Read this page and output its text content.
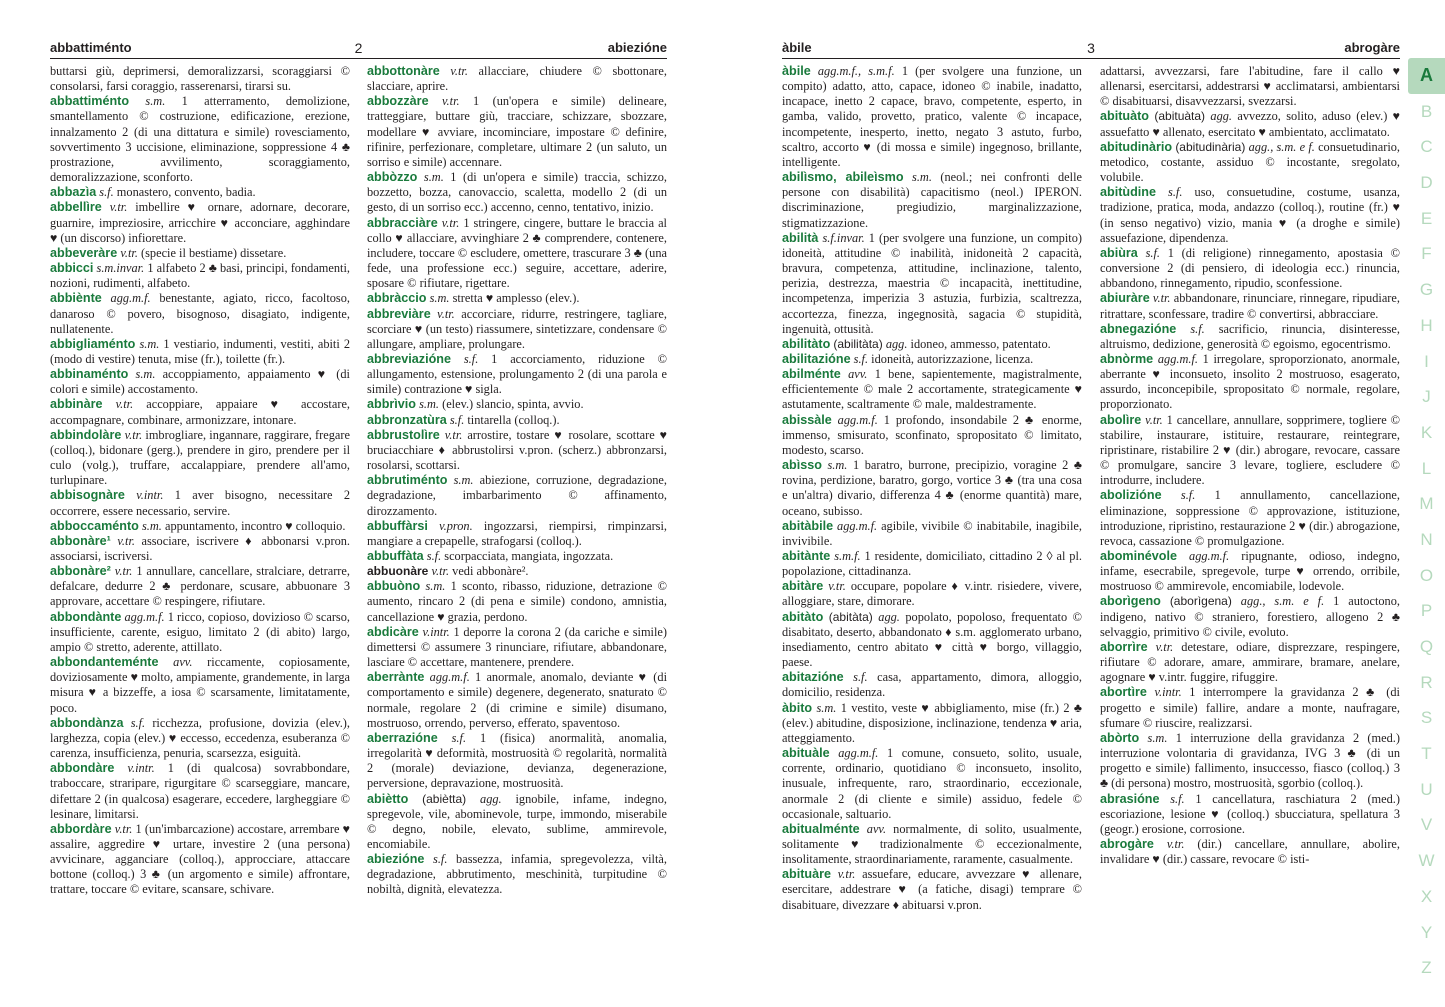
2
abbattiménto	abiezióne
buttarsi giù, deprimersi, demoralizzarsi, scoraggiarsi © consolarsi, farsi coraggio, rasserenarsi, tirarsi su.
abbattiménto s.m. 1 atterramento, demolizione, smantellamento © costruzione, edificazione, erezione, innalzamento 2 (di una dittatura e simile) rovesciamento, sovvertimento 3 uccisione, eliminazione, soppressione 4 ♣ prostrazione, avvilimento, scoraggiamento, demoralizzazione, sconforto.
abbazìa s.f. monastero, convento, badia.
abbellìre v.tr. imbellire ♥ ornare, adornare, decorare, guarnire, impreziosire, arricchire ♥ acconciare, agghindare ♥ (un discorso) infiorettare.
abbeveràre v.tr. (specie il bestiame) dissetare.
abbicci s.m.invar. 1 alfabeto 2 ♣ basi, principi, fondamenti, nozioni, rudimenti, alfabeto.
abbiènte agg.m.f. benestante, agiato, ricco, facoltoso, danaroso © povero, bisognoso, disagiato, indigente, nullatenente.
abbigliaménto s.m. 1 vestiario, indumenti, vestiti, abiti 2 (modo di vestire) tenuta, mise (fr.), toilette (fr.).
abbinaménto s.m. accoppiamento, appaiamento ♥ (di colori e simile) accostamento.
abbinàre v.tr. accoppiare, appaiare ♥ accostare, accompagnare, combinare, armonizzare, intonare.
abbindolàre v.tr. imbrogliare, ingannare, raggirare, fregare (colloq.), bidonare (gerg.), prendere in giro, prendere per il culo (volg.), truffare, accalappiare, prendere all'amo, turlupinare.
abbisognàre v.intr. 1 aver bisogno, necessitare 2 occorrere, essere necessario, servire.
abboccaménto s.m. appuntamento, incontro ♥ colloquio.
abbonàre¹ v.tr. associare, iscrivere ♦ abbonarsi v.pron. associarsi, iscriversi.
abbonàre² v.tr. 1 annullare, cancellare, stralciare, detrarre, defalcare, dedurre 2 ♣ perdonare, scusare, abbuonare 3 approvare, accettare © respingere, rifiutare.
abbondànte agg.m.f. 1 ricco, copioso, dovizioso © scarso, insufficiente, carente, esiguo, limitato 2 (di abito) largo, ampio © stretto, aderente, attillato.
abbondanteménte avv. riccamente, copiosamente, doviziosamente ♥ molto, ampiamente, grandemente, in larga misura ♥ a bizzeffe, a iosa © scarsamente, limitatamente, poco.
abbondànza s.f. ricchezza, profusione, dovizia (elev.), larghezza, copia (elev.) ♥ eccesso, eccedenza, esuberanza © carenza, insufficienza, penuria, scarsezza, esiguità.
abbondàre v.intr. 1 (di qualcosa) sovrabbondare, traboccare, straripare, rigurgitare © scarseggiare, mancare, difettare 2 (in qualcosa) esagerare, eccedere, largheggiare © lesinare, limitarsi.
abbordàre v.tr. 1 (un'imbarcazione) accostare, arrembare ♥ assalire, aggredire ♥ urtare, investire 2 (una persona) avvicinare, agganciare (colloq.), approcciare, attaccare bottone (colloq.) 3 ♣ (un argomento e simile) affrontare, trattare, toccare © evitare, scansare, schivare.
abbottonàre v.tr. allacciare, chiudere © sbottonare, slacciare, aprire.
abbozzàre v.tr. 1 (un'opera e simile) delineare, tratteggiare, buttare giù, tracciare, schizzare, sbozzare, modellare ♥ avviare, incominciare, impostare © definire, rifinire, perfezionare, completare, ultimare 2 (un saluto, un sorriso e simile) accennare.
abbòzzo s.m. 1 (di un'opera e simile) traccia, schizzo, bozzetto, bozza, canovaccio, scaletta, modello 2 (di un gesto, di un sorriso ecc.) accenno, cenno, tentativo, inizio.
abbracciàre v.tr. 1 stringere, cingere, buttare le braccia al collo ♥ allacciare, avvinghiare 2 ♣ comprendere, contenere, includere, toccare © escludere, omettere, trascurare 3 ♣ (una fede, una professione ecc.) seguire, accettare, aderire, sposare © rifiutare, rigettare.
abbràccio s.m. stretta ♥ amplesso (elev.).
abbreviàre v.tr. accorciare, ridurre, restringere, tagliare, scorciare ♥ (un testo) riassumere, sintetizzare, condensare © allungare, ampliare, prolungare.
abbreviazióne s.f. 1 accorciamento, riduzione © allungamento, estensione, prolungamento 2 (di una parola e simile) contrazione ♥ sigla.
abbrìvio s.m. (elev.) slancio, spinta, avvio.
abbronzatùra s.f. tintarella (colloq.).
abbrustolìre v.tr. arrostire, tostare ♥ rosolare, scottare ♥ bruciacchiare ♦ abbrustolirsi v.pron. (scherz.) abbronzarsi, rosolarsi, scottarsi.
abbrutiménto s.m. abiezione, corruzione, degradazione, degradazione, imbarbarimento © affinamento, dirozzamento.
abbuffàrsi v.pron. ingozzarsi, riempirsi, rimpinzarsi, mangiare a crepapelle, strafogarsi (colloq.).
abbuffàta s.f. scorpacciata, mangiata, ingozzata.
abbuonàre v.tr. vedi abbonàre².
abbuòno s.m. 1 sconto, ribasso, riduzione, detrazione © aumento, rincaro 2 (di pena e simile) condono, amnistia, cancellazione ♥ grazia, perdono.
abdicàre v.intr. 1 deporre la corona 2 (da cariche e simile) dimettersi © assumere 3 rinunciare, rifiutare, abbandonare, lasciare © accettare, mantenere, prendere.
aberrànte agg.m.f. 1 anormale, anomalo, deviante ♥ (di comportamento e simile) degenere, degenerato, snaturato © normale, regolare 2 (di crimine e simile) disumano, mostruoso, orrendo, perverso, efferato, spaventoso.
aberrazióne s.f. 1 (fisica) anormalità, anomalia, irregolarità ♥ deformità, mostruosità © regolarità, normalità 2 (morale) deviazione, devianza, degenerazione, perversione, depravazione, mostruosità.
abiètto (abiètta) agg. ignobile, infame, indegno, spregevole, vile, abominevole, turpe, immondo, miserabile © degno, nobile, elevato, sublime, ammirevole, encomiabile.
abiezióne s.f. bassezza, infamia, spregevolezza, viltà, degradazione, abbrutimento, meschinità, turpitudine © nobiltà, dignità, elevatezza.
3
àbile	abrogàre
àbile agg.m.f., s.m.f. 1 (per svolgere una funzione, un compito) adatto, atto, capace, idoneo © inabile, inadatto, incapace, inetto 2 capace, bravo, competente, esperto, in gamba, valido, provetto, pratico, valente © incapace, incompetente, inesperto, inetto, negato 3 astuto, furbo, scaltro, accorto ♥ (di mossa e simile) ingegnoso, brillante, intelligente.
abilìsmo, abileìsmo s.m. (neol.; nei confronti delle persone con disabilità) capacitismo (neol.) IPERON. discriminazione, pregiudizio, marginalizzazione, stigmatizzazione.
abilità s.f.invar. 1 (per svolgere una funzione, un compito) idoneità, attitudine © inabilità, inidoneità 2 capacità, bravura, competenza, attitudine, inclinazione, talento, perizia, destrezza, maestria © incapacità, inettitudine, incompetenza, imperizia 3 astuzia, furbizia, scaltrezza, accortezza, finezza, ingegnosità, sagacia © stupidità, ingenuità, ottusità.
abilitàto (abilitàta) agg. idoneo, ammesso, patentato.
abilitazióne s.f. idoneità, autorizzazione, licenza.
abilménte avv. 1 bene, sapientemente, magistralmente, efficientemente © male 2 accortamente, strategicamente ♥ astutamente, scaltramente © male, maldestramente.
abissàle agg.m.f. 1 profondo, insondabile 2 ♣ enorme, immenso, smisurato, sconfinato, spropositato © limitato, modesto, scarso.
abìsso s.m. 1 baratro, burrone, precipizio, voragine 2 ♣ rovina, perdizione, baratro, gorgo, vortice 3 ♣ (tra una cosa e un'altra) divario, differenza 4 ♣ (enorme quantità) mare, oceano, subisso.
abitàbile agg.m.f. agibile, vivibile © inabitabile, inagibile, invivibile.
abitànte s.m.f. 1 residente, domiciliato, cittadino 2 ◊ al pl. popolazione, cittadinanza.
abitàre v.tr. occupare, popolare ♦ v.intr. risiedere, vivere, alloggiare, stare, dimorare.
abitàto (abitàta) agg. popolato, popoloso, frequentato © disabitato, deserto, abbandonato ♦ s.m. agglomerato urbano, insediamento, centro abitato ♥ città ♥ borgo, villaggio, paese.
abitazióne s.f. casa, appartamento, dimora, alloggio, domicilio, residenza.
àbito s.m. 1 vestito, veste ♥ abbigliamento, mise (fr.) 2 ♣ (elev.) abitudine, disposizione, inclinazione, tendenza ♥ aria, atteggiamento.
abituàle agg.m.f. 1 comune, consueto, solito, usuale, corrente, ordinario, quotidiano © inconsueto, insolito, inusuale, infrequente, raro, straordinario, eccezionale, anormale 2 (di cliente e simile) assiduo, fedele © occasionale, saltuario.
abitualménte avv. normalmente, di solito, usualmente, solitamente ♥ tradizionalmente © eccezionalmente, insolitamente, straordinariamente, raramente, casualmente.
abituàre v.tr. assuefare, educare, avvezzare ♥ allenare, esercitare, addestrare ♥ (a fatiche, disagi) temprare © disabituare, divezzare ♦ abituarsi v.pron.
adattarsi, avvezzarsi, fare l'abitudine, fare il callo ♥ allenarsi, esercitarsi, addestrarsi ♥ acclimatarsi, ambientarsi © disabituarsi, disavvezzarsi, svezzarsi.
abituàto (abituàta) agg. avvezzo, solito, aduso (elev.) ♥ assuefatto ♥ allenato, esercitato ♥ ambientato, acclimatato.
abitudinàrio (abitudinària) agg., s.m. e f. consuetudinario, metodico, costante, assiduo © incostante, sregolato, volubile.
abitùdine s.f. uso, consuetudine, costume, usanza, tradizione, pratica, moda, andazzo (colloq.), routine (fr.) ♥ (in senso negativo) vizio, mania ♥ (a droghe e simile) assuefazione, dipendenza.
abiùra s.f. 1 (di religione) rinnegamento, apostasia © conversione 2 (di pensiero, di ideologia ecc.) rinuncia, abbandono, rinnegamento, ripudio, sconfessione.
abiuràre v.tr. abbandonare, rinunciare, rinnegare, ripudiare, ritrattare, sconfessare, tradire © convertirsi, abbracciare.
abnegazióne s.f. sacrificio, rinuncia, disinteresse, altruismo, dedizione, generosità © egoismo, egocentrismo.
abnòrme agg.m.f. 1 irregolare, sproporzionato, anormale, aberrante ♥ inconsueto, insolito 2 mostruoso, esagerato, assurdo, inconcepibile, spropositato © normale, regolare, proporzionato.
abolìre v.tr. 1 cancellare, annullare, sopprimere, togliere © stabilire, instaurare, istituire, restaurare, reintegrare, ripristinare, ristabilire 2 ♥ (dir.) abrogare, revocare, cassare © promulgare, sancire 3 levare, togliere, escludere © introdurre, includere.
abolizióne s.f. 1 annullamento, cancellazione, eliminazione, soppressione © approvazione, istituzione, introduzione, ripristino, restaurazione 2 ♥ (dir.) abrogazione, revoca, cassazione © promulgazione.
abominévole agg.m.f. ripugnante, odioso, indegno, infame, esecrabile, spregevole, turpe ♥ orrendo, orribile, mostruoso © ammirevole, encomiabile, lodevole.
aborìgeno (aborìgena) agg., s.m. e f. 1 autoctono, indigeno, nativo © straniero, forestiero, allogeno 2 ♣ selvaggio, primitivo © civile, evoluto.
aborrìre v.tr. detestare, odiare, disprezzare, respingere, rifiutare © adorare, amare, ammirare, bramare, anelare, agognare ♥ v.intr. fuggire, rifuggire.
abortìre v.intr. 1 interrompere la gravidanza 2 ♣ (di progetto e simile) fallire, andare a monte, naufragare, sfumare © riuscire, realizzarsi.
abòrto s.m. 1 interruzione della gravidanza 2 (med.) interruzione volontaria di gravidanza, IVG 3 ♣ (di un progetto e simile) fallimento, insuccesso, fiasco (colloq.) 3 ♣ (di persona) mostro, mostruosità, sgorbio (colloq.).
abrasióne s.f. 1 cancellatura, raschiatura 2 (med.) escoriazione, lesione ♥ (colloq.) sbucciatura, spellatura 3 (geogr.) erosione, corrosione.
abrogàre v.tr. (dir.) cancellare, annullare, abolire, invalidare ♥ (dir.) cassare, revocare © isti-
A
B
C
D
E
F
G
H
I
J
K
L
M
N
O
P
Q
R
S
T
U
V
W
X
Y
Z
